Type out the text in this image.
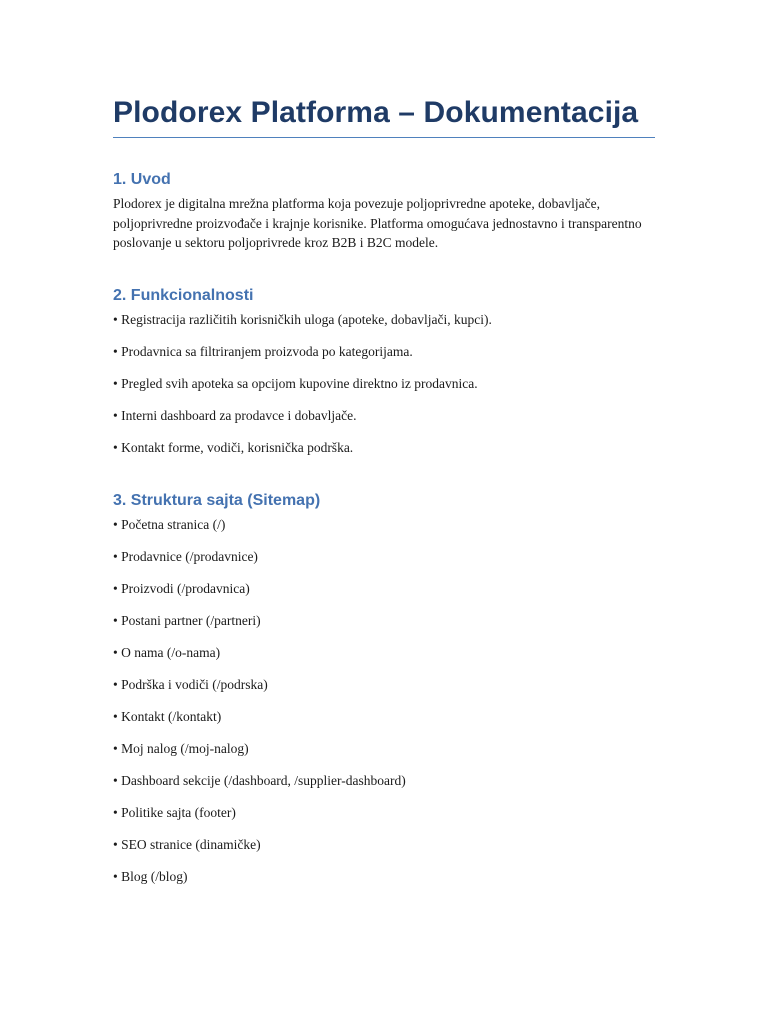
Plodorex Platforma – Dokumentacija
1. Uvod

Plodorex je digitalna mrežna platforma koja povezuje poljoprivredne apoteke, dobavljače, poljoprivredne proizvođače i krajnje korisnike. Platforma omogućava jednostavno i transparentno poslovanje u sektoru poljoprivrede kroz B2B i B2C modele.

2. Funkcionalnosti
• Registracija različitih korisničkih uloga (apoteke, dobavljači, kupci).
• Prodavnica sa filtriranjem proizvoda po kategorijama.
• Pregled svih apoteka sa opcijom kupovine direktno iz prodavnica.
• Interni dashboard za prodavce i dobavljače.
• Kontakt forme, vodiči, korisnička podrška.
3. Struktura sajta (Sitemap)
• Početna stranica (/)
• Prodavnice (/prodavnice)
• Proizvodi (/prodavnica)
• Postani partner (/partneri)
• O nama (/o-nama)
• Podrška i vodiči (/podrska)
• Kontakt (/kontakt)
• Moj nalog (/moj-nalog)
• Dashboard sekcije (/dashboard, /supplier-dashboard)
• Politike sajta (footer)
• SEO stranice (dinamičke)
• Blog (/blog)
